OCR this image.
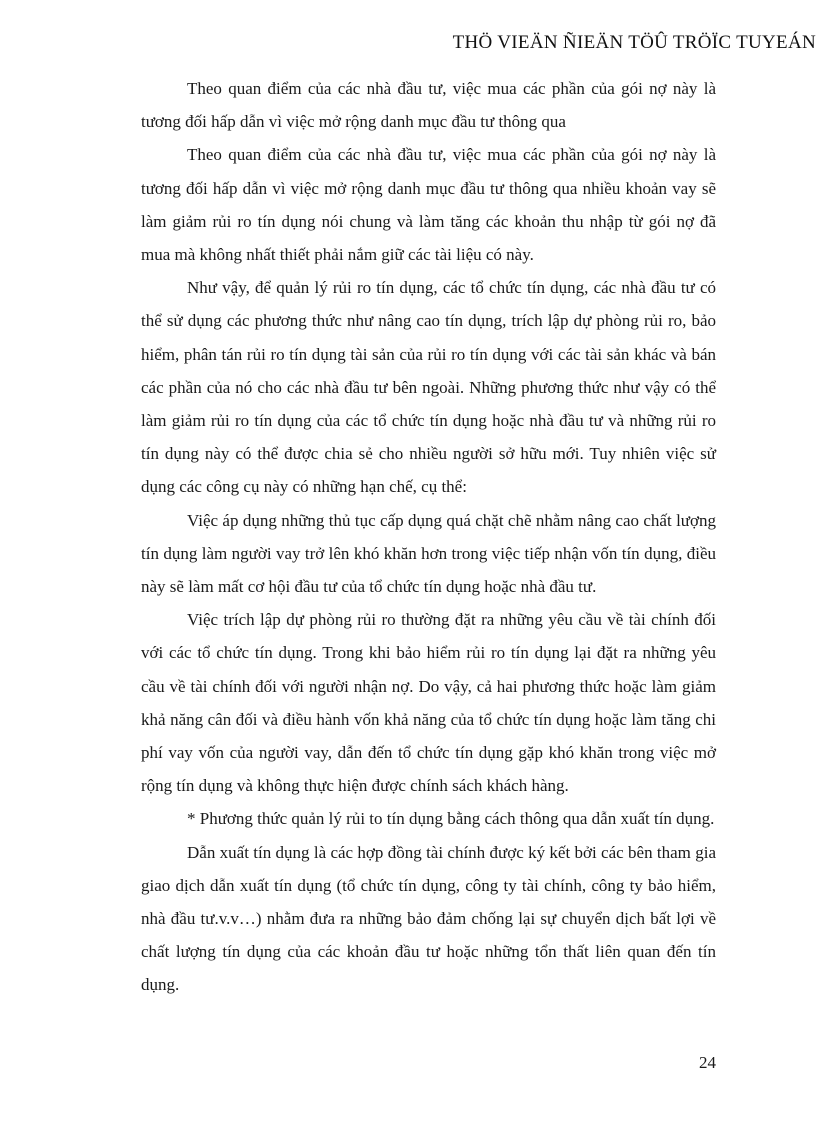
THÖ VIEÄN ÑIEÄN TÖÛ TRÖÏC TUYEÁN

Theo quan điểm của các nhà đầu tư, việc mua các phần của gói nợ này là tương đối hấp dẫn vì việc mở rộng danh mục đầu tư thông qua

Theo quan điểm của các nhà đầu tư, việc mua các phần của gói nợ này là tương đối hấp dẫn vì việc mở rộng danh mục đầu tư thông qua nhiều khoản vay sẽ làm giảm rủi ro tín dụng nói chung và làm tăng các khoản thu nhập từ gói nợ đã mua mà không nhất thiết phải nắm giữ các tài liệu có này.

Như vậy, để quản lý rủi ro tín dụng, các tổ chức tín dụng, các nhà đầu tư có thể sử dụng các phương thức như nâng cao tín dụng, trích lập dự phòng rủi ro, bảo hiểm, phân tán rủi ro tín dụng tài sản của rủi ro tín dụng với các tài sản khác và bán các phần của nó cho các nhà đầu tư bên ngoài. Những phương thức như vậy có thể làm giảm rủi ro tín dụng của các tổ chức tín dụng hoặc nhà đầu tư và những rủi ro tín dụng này có thể được chia sẻ cho nhiều người sở hữu mới. Tuy nhiên việc sử dụng các công cụ này có những hạn chế, cụ thể:

Việc áp dụng những thủ tục cấp dụng quá chặt chẽ nhằm nâng cao chất lượng tín dụng làm người vay trở lên khó khăn hơn trong việc tiếp nhận vốn tín dụng, điều này sẽ làm mất cơ hội đầu tư của tổ chức tín dụng hoặc nhà đầu tư.

Việc trích lập dự phòng rủi ro thường đặt ra những yêu cầu về tài chính đối với các tổ chức tín dụng. Trong khi bảo hiểm rủi ro tín dụng lại đặt ra những yêu cầu về tài chính đối với người nhận nợ. Do vậy, cả hai phương thức hoặc làm giảm khả năng cân đối và điều hành vốn khả năng của tổ chức tín dụng hoặc làm tăng chi phí vay vốn của người vay, dẫn đến tổ chức tín dụng gặp khó khăn trong việc mở rộng tín dụng và không thực hiện được chính sách khách hàng.

* Phương thức quản lý rủi to tín dụng bằng cách thông qua dẫn xuất tín dụng.

Dẫn xuất tín dụng là các hợp đồng tài chính được ký kết bởi các bên tham gia giao dịch dẫn xuất tín dụng (tổ chức tín dụng, công ty tài chính, công ty bảo hiểm, nhà đầu tư.v.v…) nhằm đưa ra những bảo đảm chống lại sự chuyển dịch bất lợi về chất lượng tín dụng của các khoản đầu tư hoặc những tổn thất liên quan đến tín dụng.

24
